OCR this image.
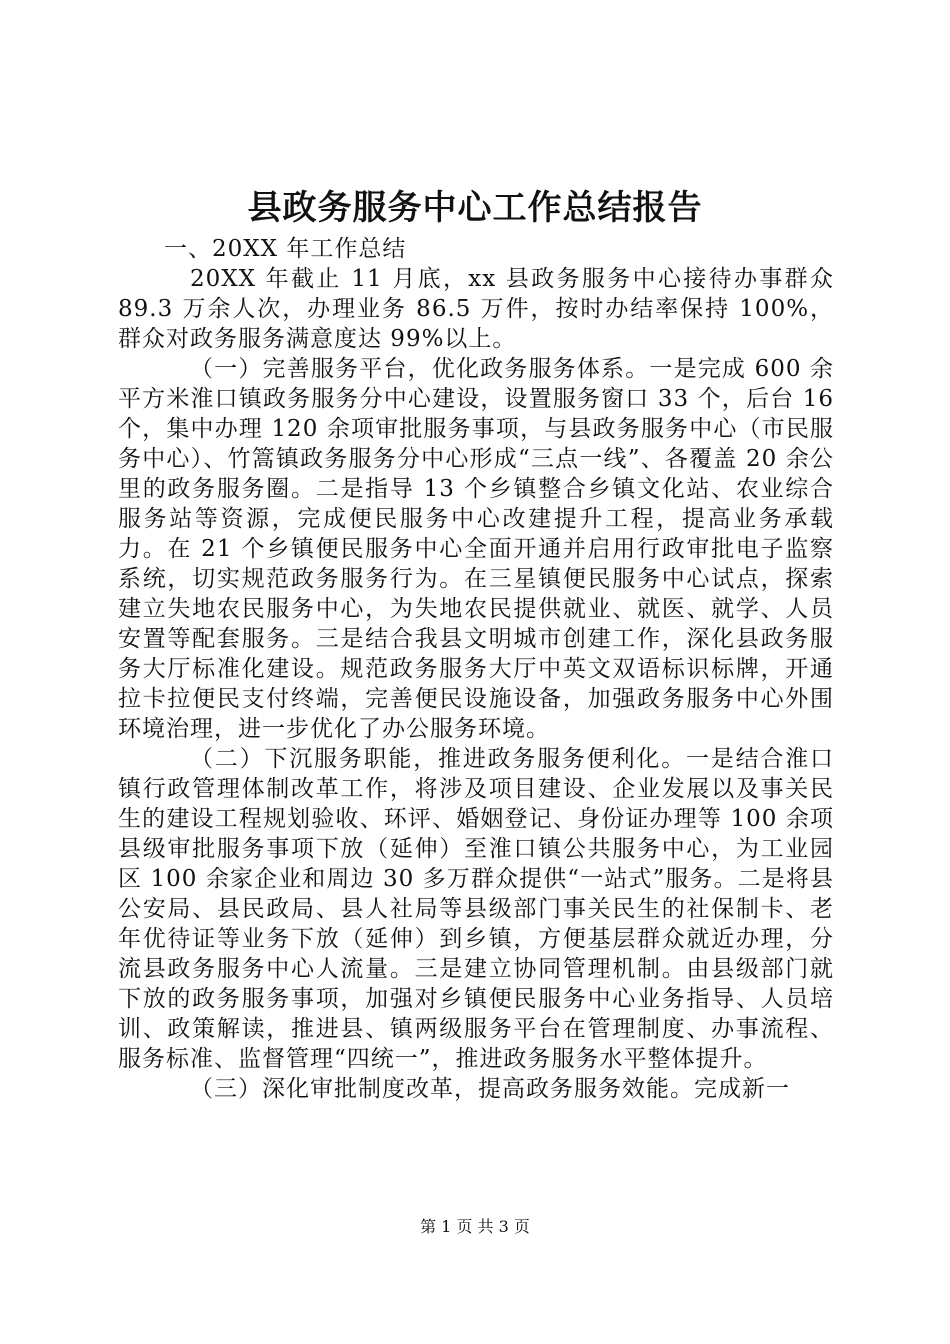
县政务服务中心工作总结报告

一、20XX 年工作总结

20XX 年截止 11 月底，xx 县政务服务中心接待办事群众 89.3 万余人次，办理业务 86.5 万件，按时办结率保持 100%，群众对政务服务满意度达 99%以上。

（一）完善服务平台，优化政务服务体系。一是完成 600 余平方米淮口镇政务服务分中心建设，设置服务窗口 33 个，后台 16 个，集中办理 120 余项审批服务事项，与县政务服务中心（市民服务中心）、竹篙镇政务服务分中心形成“三点一线”、各覆盖 20 余公里的政务服务圈。二是指导 13 个乡镇整合乡镇文化站、农业综合服务站等资源，完成便民服务中心改建提升工程，提高业务承载力。在 21 个乡镇便民服务中心全面开通并启用行政审批电子监察系统，切实规范政务服务行为。在三星镇便民服务中心试点，探索建立失地农民服务中心，为失地农民提供就业、就医、就学、人员安置等配套服务。三是结合我县文明城市创建工作，深化县政务服务大厅标准化建设。规范政务服务大厅中英文双语标识标牌，开通拉卡拉便民支付终端，完善便民设施设备，加强政务服务中心外围环境治理，进一步优化了办公服务环境。

（二）下沉服务职能，推进政务服务便利化。一是结合淮口镇行政管理体制改革工作，将涉及项目建设、企业发展以及事关民生的建设工程规划验收、环评、婚姻登记、身份证办理等 100 余项县级审批服务事项下放（延伸）至淮口镇公共服务中心，为工业园区 100 余家企业和周边 30 多万群众提供“一站式”服务。二是将县公安局、县民政局、县人社局等县级部门事关民生的社保制卡、老年优待证等业务下放（延伸）到乡镇，方便基层群众就近办理，分流县政务服务中心人流量。三是建立协同管理机制。由县级部门就下放的政务服务事项，加强对乡镇便民服务中心业务指导、人员培训、政策解读，推进县、镇两级服务平台在管理制度、办事流程、服务标准、监督管理“四统一”，推进政务服务水平整体提升。

（三）深化审批制度改革，提高政务服务效能。完成新一

第 1 页 共 3 页
